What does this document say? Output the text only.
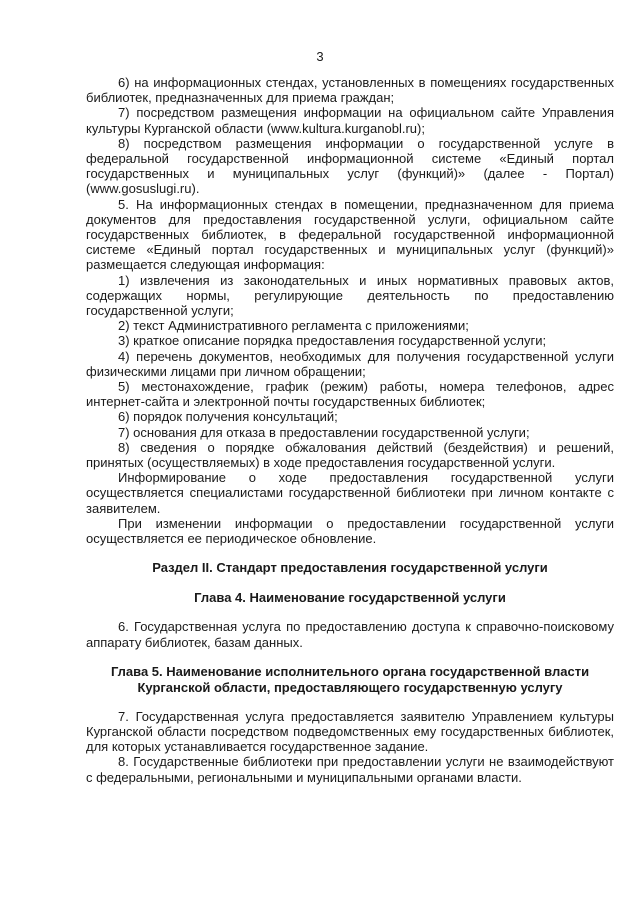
3

6) на информационных стендах, установленных в помещениях государственных библиотек, предназначенных для приема граждан;

7) посредством размещения информации на официальном сайте Управления культуры Курганской области (www.kultura.kurganobl.ru);

8) посредством размещения информации о государственной услуге в федеральной государственной информационной системе «Единый портал государственных и муниципальных услуг (функций)» (далее - Портал) (www.gosuslugi.ru).

5. На информационных стендах в помещении, предназначенном для приема документов для предоставления государственной услуги, официальном сайте государственных библиотек, в федеральной государственной информационной системе «Единый портал государственных и муниципальных услуг (функций)» размещается следующая информация:

1) извлечения из законодательных и иных нормативных правовых актов, содержащих нормы, регулирующие деятельность по предоставлению государственной услуги;

2) текст Административного регламента с приложениями;

3) краткое описание порядка предоставления государственной услуги;

4) перечень документов, необходимых для получения государственной услуги физическими лицами при личном обращении;

5) местонахождение, график (режим) работы, номера телефонов, адрес интернет-сайта и электронной почты государственных библиотек;

6) порядок получения консультаций;

7) основания для отказа в предоставлении государственной услуги;

8) сведения о порядке обжалования действий (бездействия) и решений, принятых (осуществляемых) в ходе предоставления государственной услуги.

Информирование о ходе предоставления государственной услуги осуществляется специалистами государственной библиотеки при личном контакте с заявителем.

При изменении информации о предоставлении государственной услуги осуществляется ее периодическое обновление.

Раздел II. Стандарт предоставления государственной услуги
Глава 4. Наименование государственной услуги

6. Государственная услуга по предоставлению доступа к справочно-поисковому аппарату библиотек, базам данных.

Глава 5. Наименование исполнительного органа государственной власти
Курганской области, предоставляющего государственную услугу

7. Государственная услуга предоставляется заявителю Управлением культуры Курганской области посредством подведомственных ему государственных библиотек, для которых устанавливается государственное задание.

8. Государственные библиотеки при предоставлении услуги не взаимодействуют с федеральными, региональными и муниципальными органами власти.
